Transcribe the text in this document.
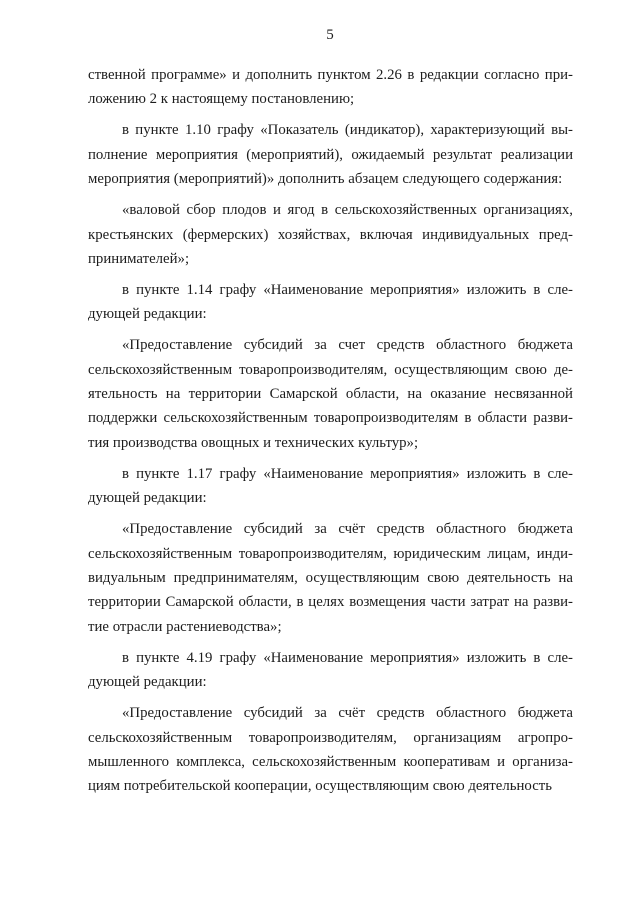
5
ственной программе» и дополнить пунктом 2.26 в редакции согласно при-
ложению 2 к настоящему постановлению;
в пункте 1.10 графу «Показатель (индикатор), характеризующий вы-
полнение мероприятия (мероприятий), ожидаемый результат реализации
мероприятия (мероприятий)» дополнить абзацем следующего содержания:
«валовой сбор плодов и ягод в сельскохозяйственных организациях,
крестьянских (фермерских) хозяйствах, включая индивидуальных пред-
принимателей»;
в пункте 1.14 графу «Наименование мероприятия» изложить в сле-
дующей редакции:
«Предоставление субсидий за счет средств областного бюджета
сельскохозяйственным товаропроизводителям, осуществляющим свою де-
ятельность на территории Самарской области, на оказание несвязанной
поддержки сельскохозяйственным товаропроизводителям в области разви-
тия производства овощных и технических культур»;
в пункте 1.17 графу «Наименование мероприятия» изложить в сле-
дующей редакции:
«Предоставление субсидий за счёт средств областного бюджета
сельскохозяйственным товаропроизводителям, юридическим лицам, инди-
видуальным предпринимателям, осуществляющим свою деятельность на
территории Самарской области, в целях возмещения части затрат на разви-
тие отрасли растениеводства»;
в пункте 4.19 графу «Наименование мероприятия» изложить в сле-
дующей редакции:
«Предоставление субсидий за счёт средств областного бюджета
сельскохозяйственным товаропроизводителям, организациям агропро-
мышленного комплекса, сельскохозяйственным кооперативам и организа-
циям потребительской кооперации, осуществляющим свою деятельность
